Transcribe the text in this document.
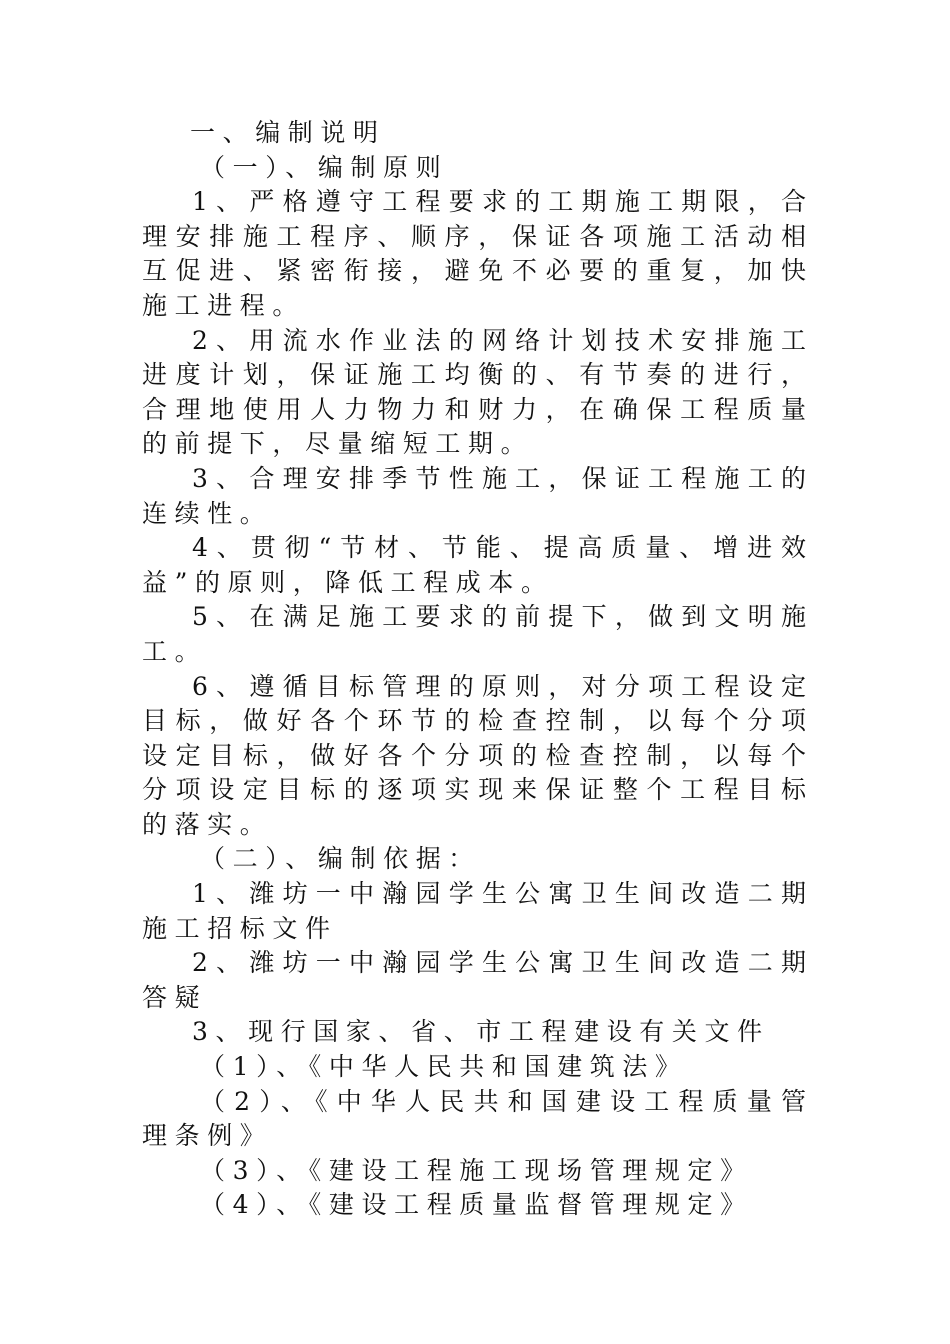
一、编制说明
（一）、编制原则
1、严格遵守工程要求的工期施工期限，合
理安排施工程序、顺序，保证各项施工活动相
互促进、紧密衔接，避免不必要的重复，加快
施工进程。
2、用流水作业法的网络计划技术安排施工
进度计划，保证施工均衡的、有节奏的进行，
合理地使用人力物力和财力，在确保工程质量
的前提下，尽量缩短工期。
3、合理安排季节性施工，保证工程施工的
连续性。
4、贯彻“节材、节能、提高质量、增进效
益”的原则，降低工程成本。
5、在满足施工要求的前提下，做到文明施
工。
6、遵循目标管理的原则，对分项工程设定
目标，做好各个环节的检查控制，以每个分项
设定目标，做好各个分项的检查控制，以每个
分项设定目标的逐项实现来保证整个工程目标
的落实。
（二）、编制依据：
1、潍坊一中瀚园学生公寓卫生间改造二期
施工招标文件
2、潍坊一中瀚园学生公寓卫生间改造二期
答疑
3、现行国家、省、市工程建设有关文件
（1）、《中华人民共和国建筑法》
（2）、《中华人民共和国建设工程质量管
理条例》
（3）、《建设工程施工现场管理规定》
（4）、《建设工程质量监督管理规定》
